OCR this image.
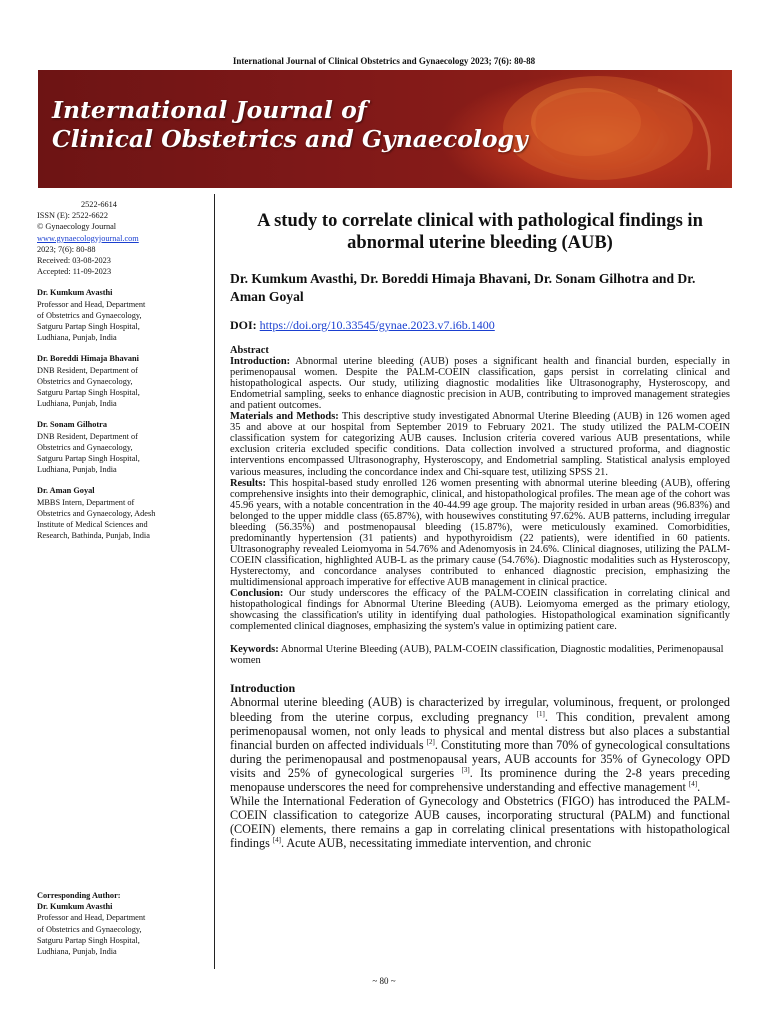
International Journal of Clinical Obstetrics and Gynaecology 2023; 7(6): 80-88
International Journal of
Clinical Obstetrics and Gynaecology
2522-6614
ISSN (E): 2522-6622
© Gynaecology Journal
www.gynaecologyjournal.com
2023; 7(6): 80-88
Received: 03-08-2023
Accepted: 11-09-2023
Dr. Kumkum Avasthi
Professor and Head, Department
of Obstetrics and Gynaecology,
Satguru Partap Singh Hospital,
Ludhiana, Punjab, India
Dr. Boreddi Himaja Bhavani
DNB Resident, Department of
Obstetrics and Gynaecology,
Satguru Partap Singh Hospital,
Ludhiana, Punjab, India
Dr. Sonam Gilhotra
DNB Resident, Department of
Obstetrics and Gynaecology,
Satguru Partap Singh Hospital,
Ludhiana, Punjab, India
Dr. Aman Goyal
MBBS Intern, Department of
Obstetrics and Gynaecology, Adesh
Institute of Medical Sciences and
Research, Bathinda, Punjab, India
Corresponding Author:
Dr. Kumkum Avasthi
Professor and Head, Department
of Obstetrics and Gynaecology,
Satguru Partap Singh Hospital,
Ludhiana, Punjab, India
A study to correlate clinical with pathological findings in abnormal uterine bleeding (AUB)
Dr. Kumkum Avasthi, Dr. Boreddi Himaja Bhavani, Dr. Sonam Gilhotra and Dr. Aman Goyal
DOI: https://doi.org/10.33545/gynae.2023.v7.i6b.1400

Abstract

Introduction: Abnormal uterine bleeding (AUB) poses a significant health and financial burden, especially in perimenopausal women. Despite the PALM-COEIN classification, gaps persist in correlating clinical and histopathological aspects. Our study, utilizing diagnostic modalities like Ultrasonography, Hysteroscopy, and Endometrial sampling, seeks to enhance diagnostic precision in AUB, contributing to improved management strategies and patient outcomes.

Materials and Methods: This descriptive study investigated Abnormal Uterine Bleeding (AUB) in 126 women aged 35 and above at our hospital from September 2019 to February 2021. The study utilized the PALM-COEIN classification system for categorizing AUB causes. Inclusion criteria covered various AUB presentations, while exclusion criteria excluded specific conditions. Data collection involved a structured proforma, and diagnostic interventions encompassed Ultrasonography, Hysteroscopy, and Endometrial sampling. Statistical analysis employed various measures, including the concordance index and Chi-square test, utilizing SPSS 21.

Results: This hospital-based study enrolled 126 women presenting with abnormal uterine bleeding (AUB), offering comprehensive insights into their demographic, clinical, and histopathological profiles. The mean age of the cohort was 45.96 years, with a notable concentration in the 40-44.99 age group. The majority resided in urban areas (96.83%) and belonged to the upper middle class (65.87%), with housewives constituting 97.62%. AUB patterns, including irregular bleeding (56.35%) and postmenopausal bleeding (15.87%), were meticulously examined. Comorbidities, predominantly hypertension (31 patients) and hypothyroidism (22 patients), were identified in 60 patients. Ultrasonography revealed Leiomyoma in 54.76% and Adenomyosis in 24.6%. Clinical diagnoses, utilizing the PALM-COEIN classification, highlighted AUB-L as the primary cause (54.76%). Diagnostic modalities such as Hysteroscopy, Hysterectomy, and concordance analyses contributed to enhanced diagnostic precision, emphasizing the multidimensional approach imperative for effective AUB management in clinical practice.

Conclusion: Our study underscores the efficacy of the PALM-COEIN classification in correlating clinical and histopathological findings for Abnormal Uterine Bleeding (AUB). Leiomyoma emerged as the primary etiology, showcasing the classification's utility in identifying dual pathologies. Histopathological examination significantly complemented clinical diagnoses, emphasizing the system's value in optimizing patient care.

Keywords: Abnormal Uterine Bleeding (AUB), PALM-COEIN classification, Diagnostic modalities, Perimenopausal women
Introduction

Abnormal uterine bleeding (AUB) is characterized by irregular, voluminous, frequent, or prolonged bleeding from the uterine corpus, excluding pregnancy [1]. This condition, prevalent among perimenopausal women, not only leads to physical and mental distress but also places a substantial financial burden on affected individuals [2]. Constituting more than 70% of gynecological consultations during the perimenopausal and postmenopausal years, AUB accounts for 35% of Gynecology OPD visits and 25% of gynecological surgeries [3]. Its prominence during the 2-8 years preceding menopause underscores the need for comprehensive understanding and effective management [4].

While the International Federation of Gynecology and Obstetrics (FIGO) has introduced the PALM-COEIN classification to categorize AUB causes, incorporating structural (PALM) and functional (COEIN) elements, there remains a gap in correlating clinical presentations with histopathological findings [4]. Acute AUB, necessitating immediate intervention, and chronic

~ 80 ~
